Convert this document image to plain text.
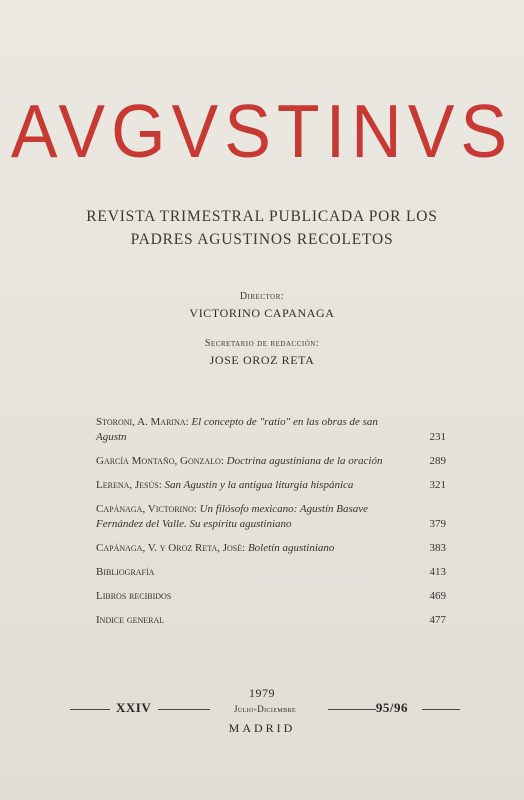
AVGVSTINVS
REVISTA TRIMESTRAL PUBLICADA POR LOS
PADRES AGUSTINOS RECOLETOS
Director:
VICTORINO CAPANAGA
Secretario de redacción:
JOSE OROZ RETA
Storoni, A. Marina: El concepto de "ratio" en las obras de san Agustn	231
García Montaño, Gonzalo: Doctrina agustiniana de la oración	289
Lerena, Jesús: San Agustin y la antigua liturgia hispánica	321
Capánaga, Victorino: Un filósofo mexicano: Agustín Basave Fernández del Valle. Su espíritu agustiniano	379
Capánaga, V. y Oroz Reta, José: Boletín agustiniano	383
Bibliografía	413
Libros recibidos	469
Indice general	477
1979
XXIV	Julio-Diciembre	95/96
MADRID
